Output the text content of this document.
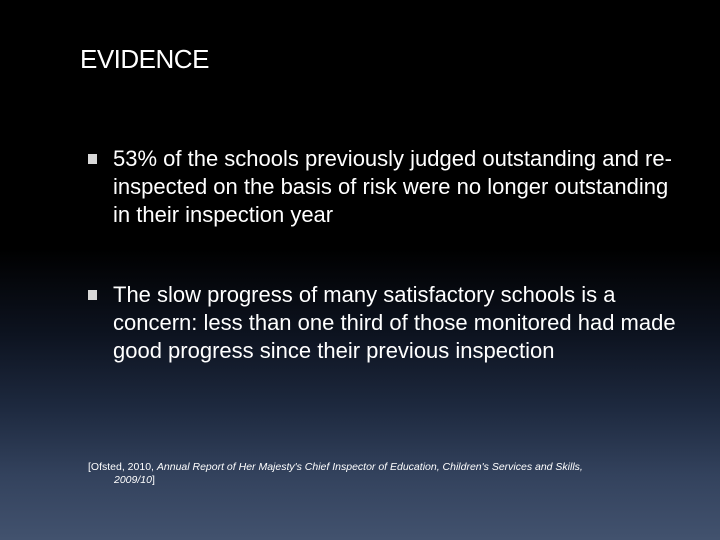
EVIDENCE
53% of the schools previously judged outstanding and re-inspected on the basis of risk were no longer outstanding in their inspection year
The slow progress of many satisfactory schools is a concern: less than one third of those monitored had made good progress since their previous inspection
[Ofsted, 2010, Annual Report of Her Majesty's Chief Inspector of Education, Children's Services and Skills,
2009/10]
